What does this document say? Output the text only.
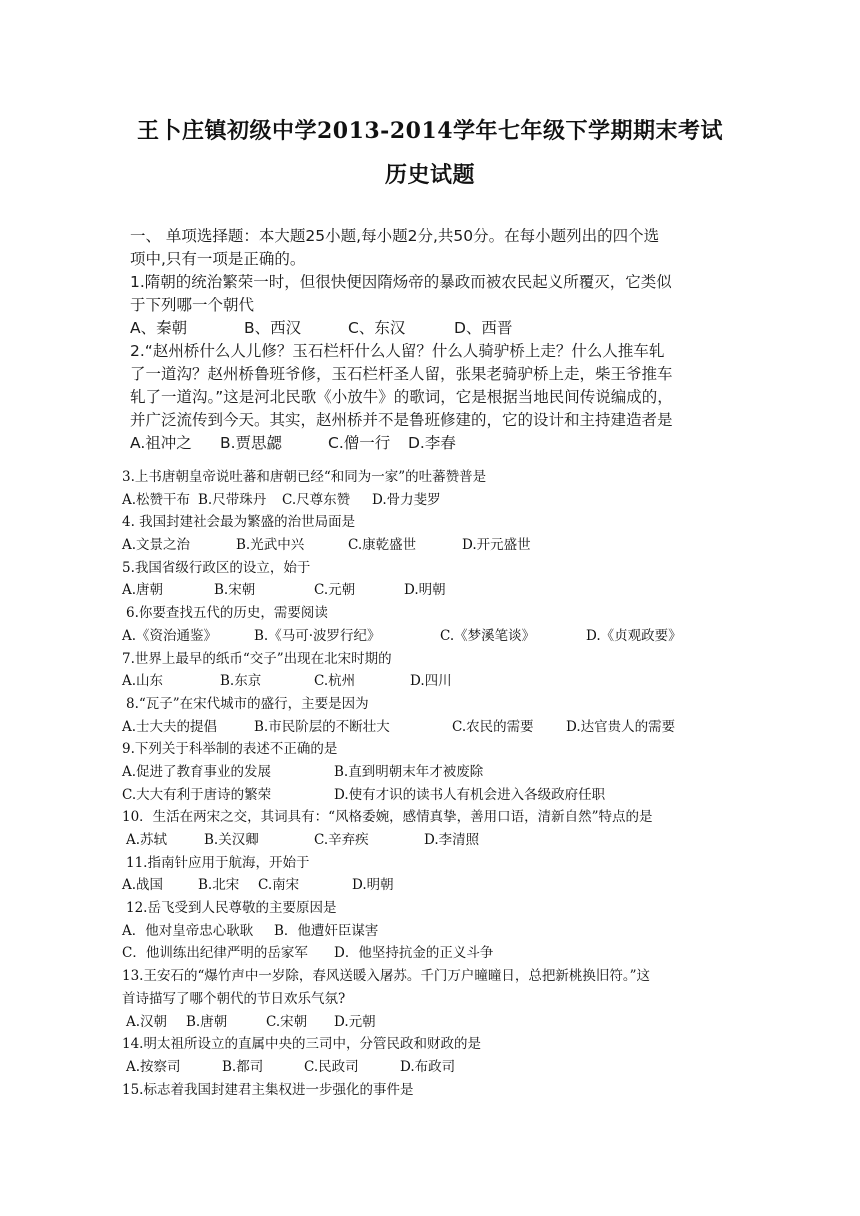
王卜庄镇初级中学2013-2014学年七年级下学期期末考试
历史试题
一、 单项选择题：本大题25小题,每小题2分,共50分。在每小题列出的四个选
项中,只有一项是正确的。
1.隋朝的统治繁荣一时，但很快便因隋炀帝的暴政而被农民起义所覆灭，它类似
于下列哪一个朝代
A、秦朝	B、西汉	C、东汉	D、西晋
2.“赵州桥什么人儿修？玉石栏杆什么人留？什么人骑驴桥上走？什么人推车轧
了一道沟？赵州桥鲁班爷修，玉石栏杆圣人留，张果老骑驴桥上走，柴王爷推车
轧了一道沟。”这是河北民歌《小放牛》的歌词，它是根据当地民间传说编成的，
并广泛流传到今天。其实，赵州桥并不是鲁班修建的，它的设计和主持建造者是
A.祖冲之 B.贾思勰	C.僧一行 D.李春
3.上书唐朝皇帝说吐蕃和唐朝已经“和同为一家”的吐蕃赞普是
A.松赞干布 B.尺带珠丹 C.尺尊东赞 D.骨力斐罗
4. 我国封建社会最为繁盛的治世局面是
A.文景之治	B.光武中兴	C.康乾盛世	D.开元盛世
5.我国省级行政区的设立，始于
A.唐朝	B.宋朝	C.元朝	D.明朝
6.你要查找五代的历史，需要阅读
A.《资治通鉴》	B.《马可·波罗行纪》	C.《梦溪笔谈》	D.《贞观政要》
7.世界上最早的纸币“交子”出现在北宋时期的
A.山东	B.东京	C.杭州	D.四川
8.“瓦子”在宋代城市的盛行，主要是因为
A.士大夫的提倡	B.市民阶层的不断壮大	C.农民的需要 D.达官贵人的需要
9.下列关于科举制的表述不正确的是
A.促进了教育事业的发展	B.直到明朝末年才被废除
C.大大有利于唐诗的繁荣	D.使有才识的读书人有机会进入各级政府任职
10．生活在两宋之交，其词具有：“风格委婉，感情真挚，善用口语，清新自然”特点的是
A.苏轼	B.关汉卿	C.辛弃疾	D.李清照
11.指南针应用于航海，开始于
A.战国	B.北宋 C.南宋	D.明朝
12.岳飞受到人民尊敬的主要原因是
A．他对皇帝忠心耿耿 B．他遭奸臣谋害
C．他训练出纪律严明的岳家军 D．他坚持抗金的正义斗争
13.王安石的“爆竹声中一岁除，春风送暖入屠苏。千门万户曈曈日，总把新桃换旧符。”这
首诗描写了哪个朝代的节日欢乐气氛?
A.汉朝 B.唐朝	C.宋朝 D.元朝
14.明太祖所设立的直属中央的三司中，分管民政和财政的是
A.按察司	B.都司	C.民政司	D.布政司
15.标志着我国封建君主集权进一步强化的事件是
